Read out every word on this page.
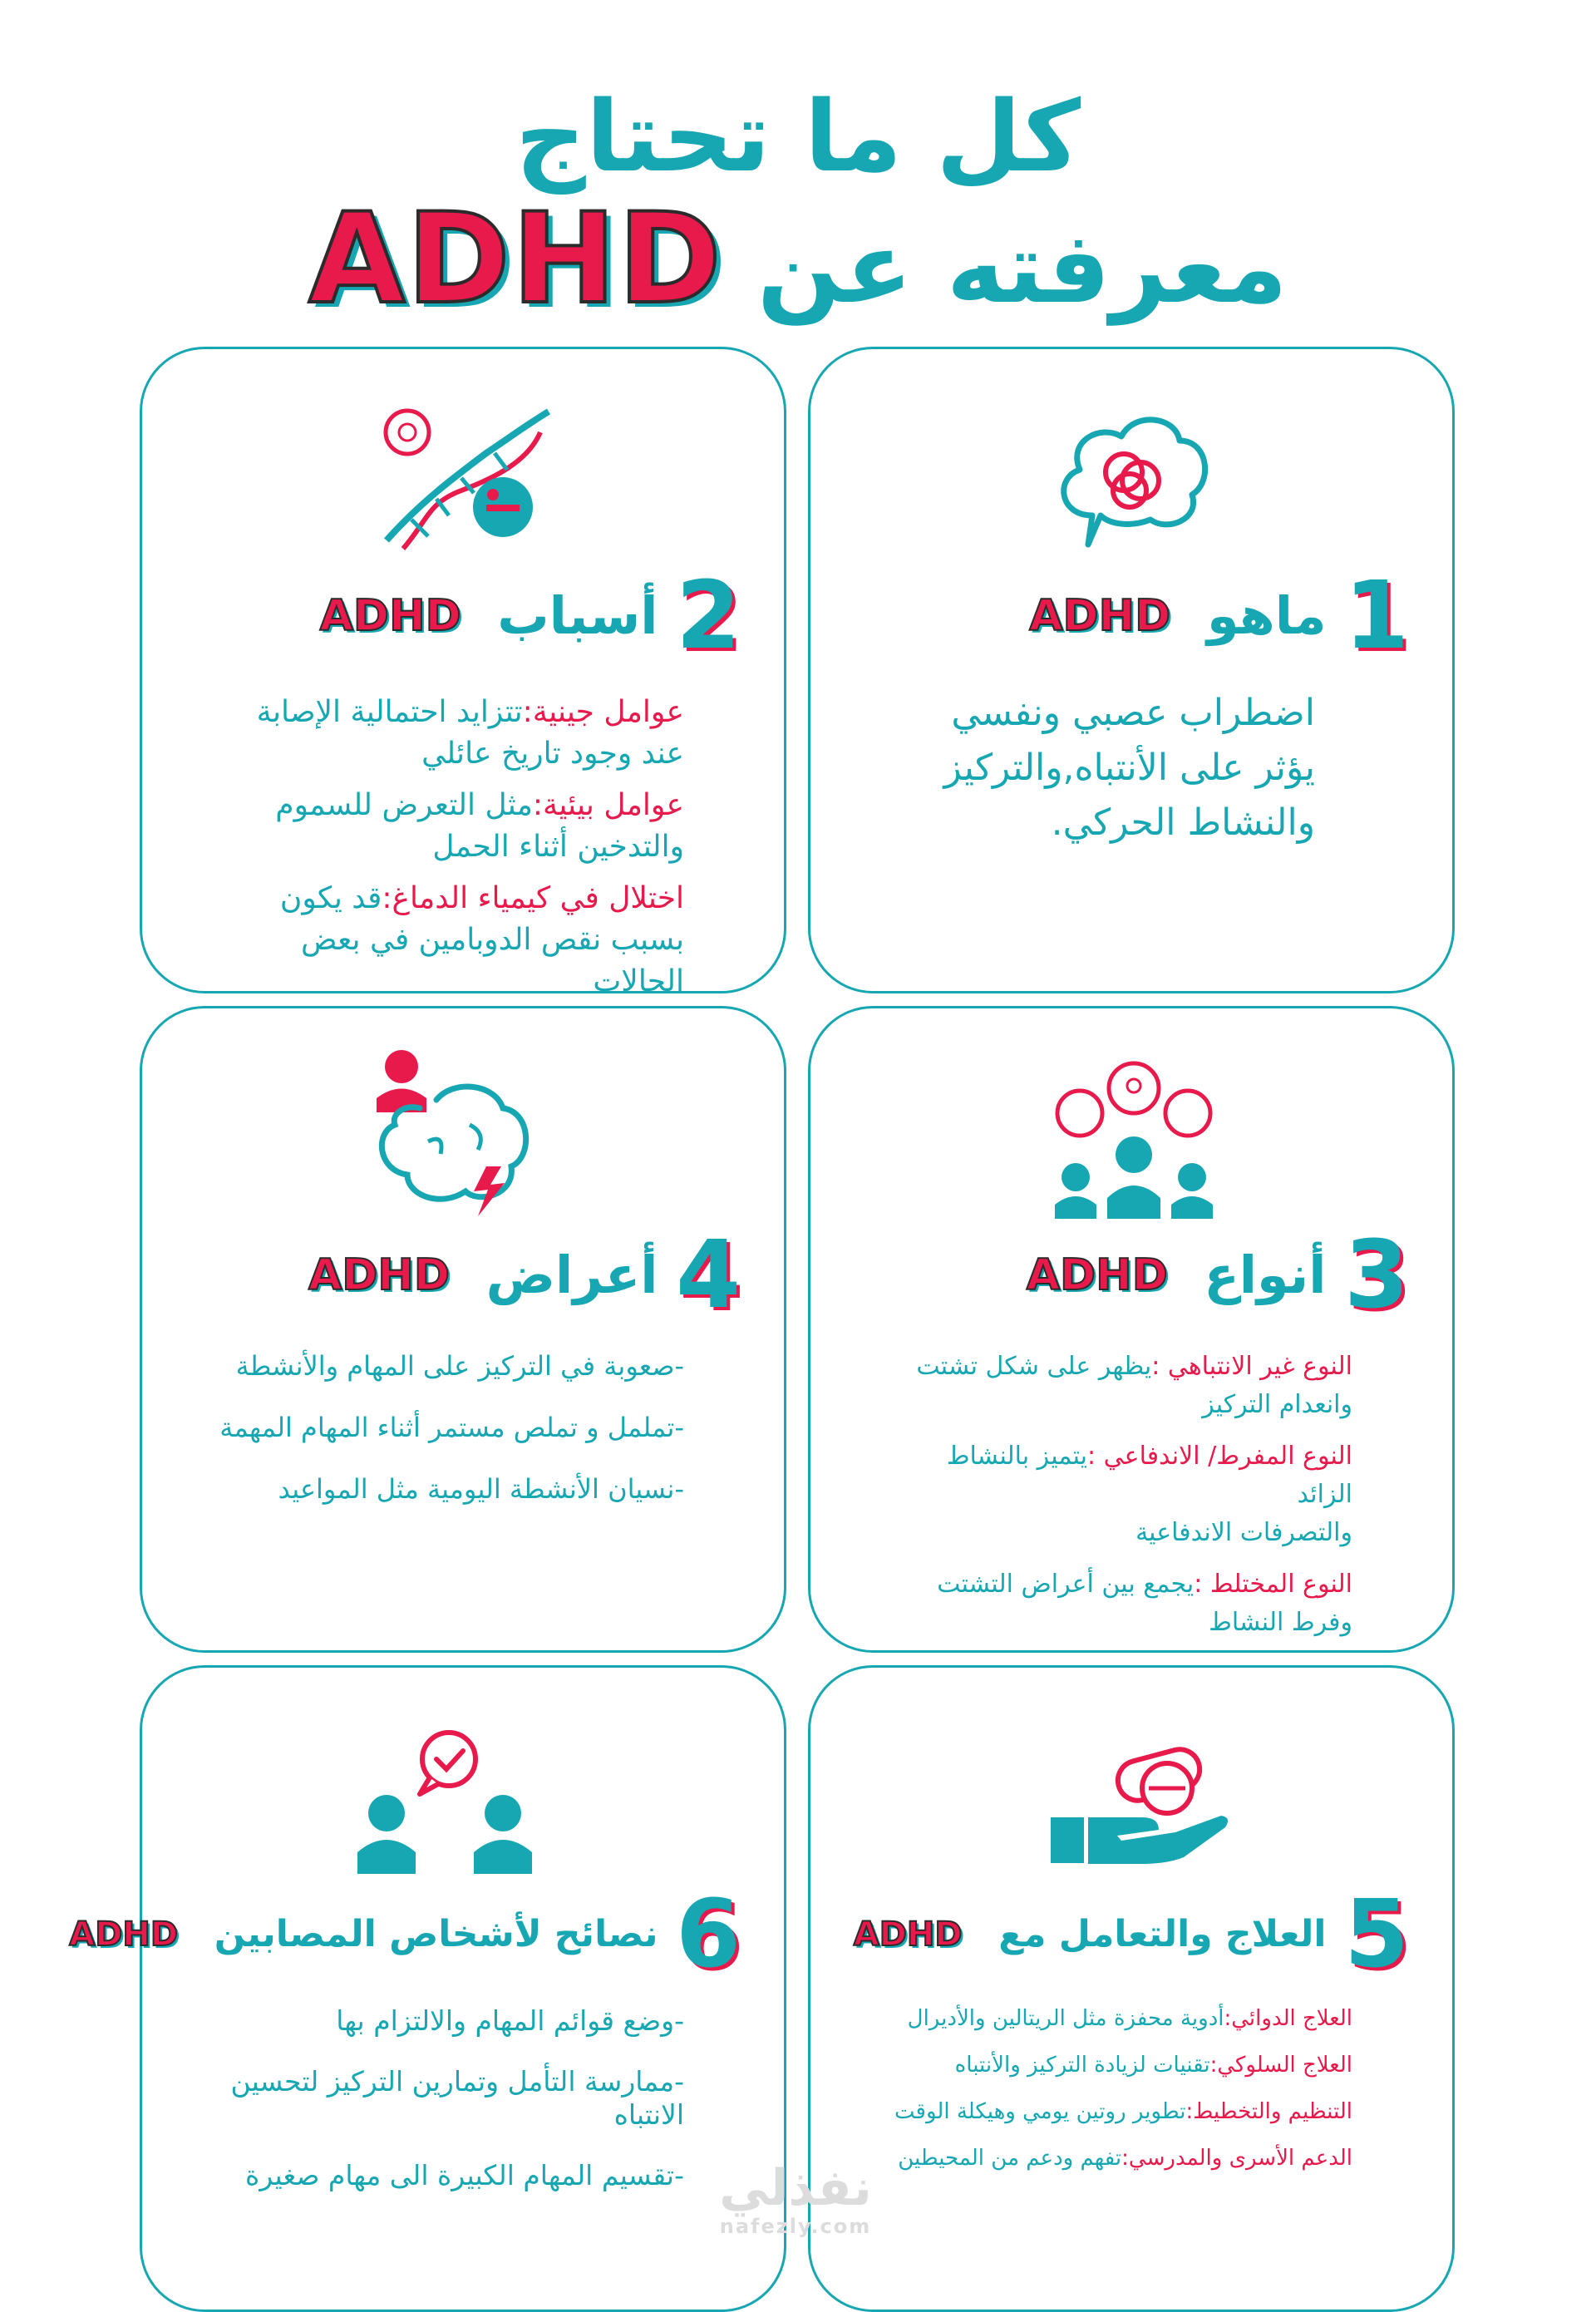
كل ما تحتاج
معرفته عن ADHD
1 ماهو ADHD

اضطراب عصبي ونفسي

يؤثر على الأنتباه,والتركيز

والنشاط الحركي.

2 أسباب ADHD
عوامل جينية:تتزايد احتمالية الإصابة
عند وجود تاريخ عائلي
عوامل بيئية:مثل التعرض للسموم
والتدخين أثناء الحمل
اختلال في كيمياء الدماغ:قد يكون
بسبب نقص الدوبامين في بعض الحالات
3 أنواع ADHD
النوع غير الانتباهي :يظهر على شكل تشتت
وانعدام التركيز
النوع المفرط/ الاندفاعي :يتميز بالنشاط الزائد
والتصرفات الاندفاعية
النوع المختلط :يجمع بين أعراض التشتت
وفرط النشاط
4 أعراض ADHD
-صعوبة في التركيز على المهام والأنشطة
-تململ و تملص مستمر أثناء المهام المهمة
-نسيان الأنشطة اليومية مثل المواعيد
5 العلاج والتعامل مع ADHD
العلاج الدوائي:أدوية محفزة مثل الريتالين والأديرال
العلاج السلوكي:تقنيات لزيادة التركيز والأنتباه
التنظيم والتخطيط:تطوير روتين يومي وهيكلة الوقت
الدعم الأسرى والمدرسي:تفهم ودعم من المحيطين
6 نصائح لأشخاص المصابين ADHD
-وضع قوائم المهام والالتزام بها
-ممارسة التأمل وتمارين التركيز لتحسين الانتباه
-تقسيم المهام الكبيرة الى مهام صغيرة نفذلي
nafezly.com
